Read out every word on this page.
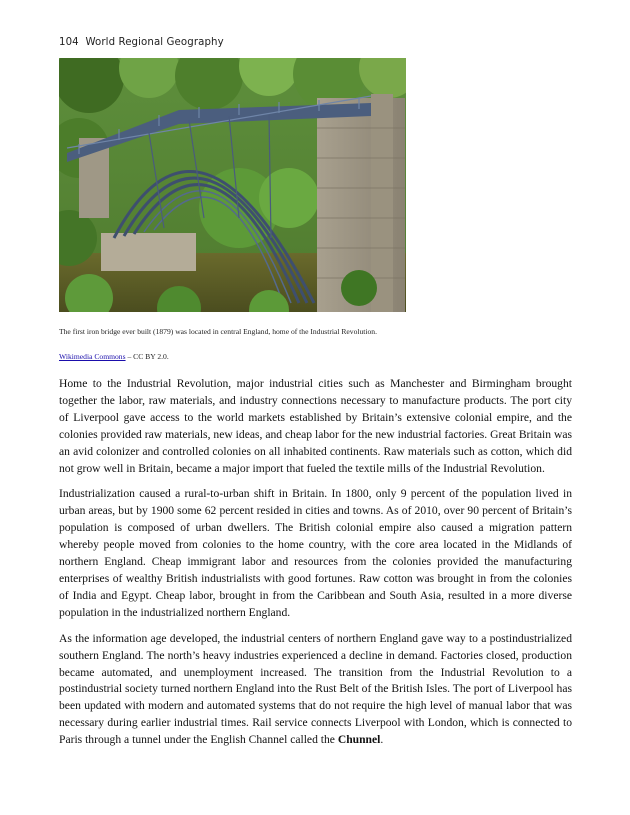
104 World Regional Geography
The first iron bridge ever built (1879) was located in central England, home of the Industrial Revolution.
Wikimedia Commons – CC BY 2.0.

Home to the Industrial Revolution, major industrial cities such as Manchester and Birmingham brought together the labor, raw materials, and industry connections necessary to manufacture products. The port city of Liverpool gave access to the world markets established by Britain’s extensive colonial empire, and the colonies provided raw materials, new ideas, and cheap labor for the new industrial factories. Great Britain was an avid colonizer and controlled colonies on all inhabited continents. Raw materials such as cotton, which did not grow well in Britain, became a major import that fueled the textile mills of the Industrial Revolution.

Industrialization caused a rural-to-urban shift in Britain. In 1800, only 9 percent of the population lived in urban areas, but by 1900 some 62 percent resided in cities and towns. As of 2010, over 90 percent of Britain’s population is composed of urban dwellers. The British colonial empire also caused a migration pattern whereby people moved from colonies to the home country, with the core area located in the Midlands of northern England. Cheap immigrant labor and resources from the colonies provided the manufacturing enterprises of wealthy British industrialists with good fortunes. Raw cotton was brought in from the colonies of India and Egypt. Cheap labor, brought in from the Caribbean and South Asia, resulted in a more diverse population in the industrialized northern England.

As the information age developed, the industrial centers of northern England gave way to a postindustrialized southern England. The north’s heavy industries experienced a decline in demand. Factories closed, production became automated, and unemployment increased. The transition from the Industrial Revolution to a postindustrial society turned northern England into the Rust Belt of the British Isles. The port of Liverpool has been updated with modern and automated systems that do not require the high level of manual labor that was necessary during earlier industrial times. Rail service connects Liverpool with London, which is connected to Paris through a tunnel under the English Channel called the Chunnel.
